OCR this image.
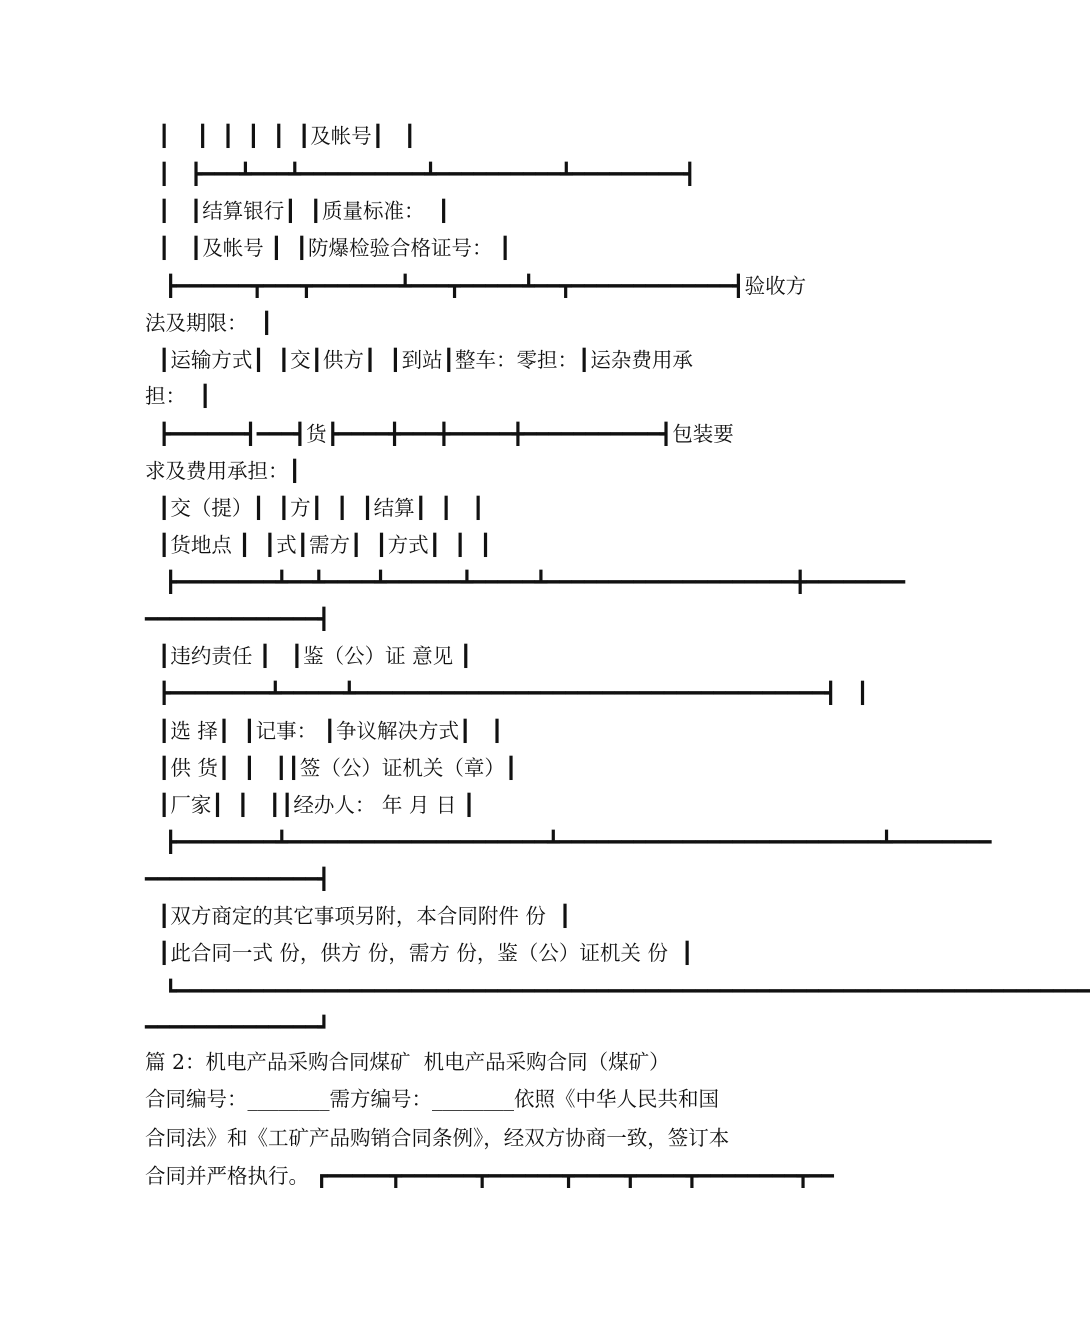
┃    ┃  ┃  ┃  ┃  ┃及帐号┃   ┃
┃   ┣━━━┻━━━┻━━━━━━━━━━┻━━━━━━━━━━┻━━━━━━━━━┫
┃   ┃结算银行┃  ┃质量标准：  ┃
┃   ┃及帐号 ┃  ┃防爆检验合格证号： ┃
┣━━━━━━┳━━━┳━━━━━━━┻━━━┳━━━━━┻━━┳━━━━━━━━━━━━━┫验收方
法及期限：  ┃
┃运输方式┃  ┃交┃供方┃  ┃到站┃整车：零担：┃运杂费用承
担：  ┃
┣━━━━━━┫━━━┫货┣━━━━╋━━━╋━━━━━╋━━━━━━━━━━━┫包装要
求及费用承担：┃
┃交（提）┃  ┃方┃  ┃  ┃结算┃  ┃   ┃
┃货地点 ┃  ┃式┃需方┃  ┃方式┃  ┃  ┃
┣━━━━━━━━┻━━┻━━━━┻━━━━━━┻━━━━━┻━━━━━━━━━━━━━━━━━━━━╋━━━━━━━━
━━━━━━━━━━━━━━┫
┃违约责任 ┃   ┃鉴（公）证 意见 ┃
┣━━━━━━━━┻━━━━━┻━━━━━━━━━━━━━━━━━━━━━━━━━━━━━━━━━━━━━━┫   ┃
┃选 择┃  ┃记事： ┃争议解决方式┃   ┃
┃供 货┃  ┃   ┃┃签（公）证机关（章）┃
┃厂家┃  ┃   ┃┃经办人： 年 月 日 ┃
┣━━━━━━━━┻━━━━━━━━━━━━━━━━━━━━━┻━━━━━━━━━━━━━━━━━━━━━━━━━━┻━━━━━━━━
━━━━━━━━━━━━━━┫
┃双方商定的其它事项另附，本合同附件 份  ┃
┃此合同一式 份，供方 份，需方 份，鉴（公）证机关 份  ┃
┗━━━━━━━━━━━━━━━━━━━━━━━━━━━━━━━━━━━━━━━━━━━━━━━━━━━━━━━━━━━━━━━━━━━━━━━━━━
━━━━━━━━━━━━━━┛
篇 2：机电产品采购合同煤矿  机电产品采购合同（煤矿）
合同编号：________需方编号：________依照《中华人民共和国
合同法》和《工矿产品购销合同条例》，经双方协商一致，签订本
合同并严格执行。 ┏━━━━━┳━━━━━━┳━━━━━━┳━━━━┳━━━━┳━━━━━━━━┳━━
